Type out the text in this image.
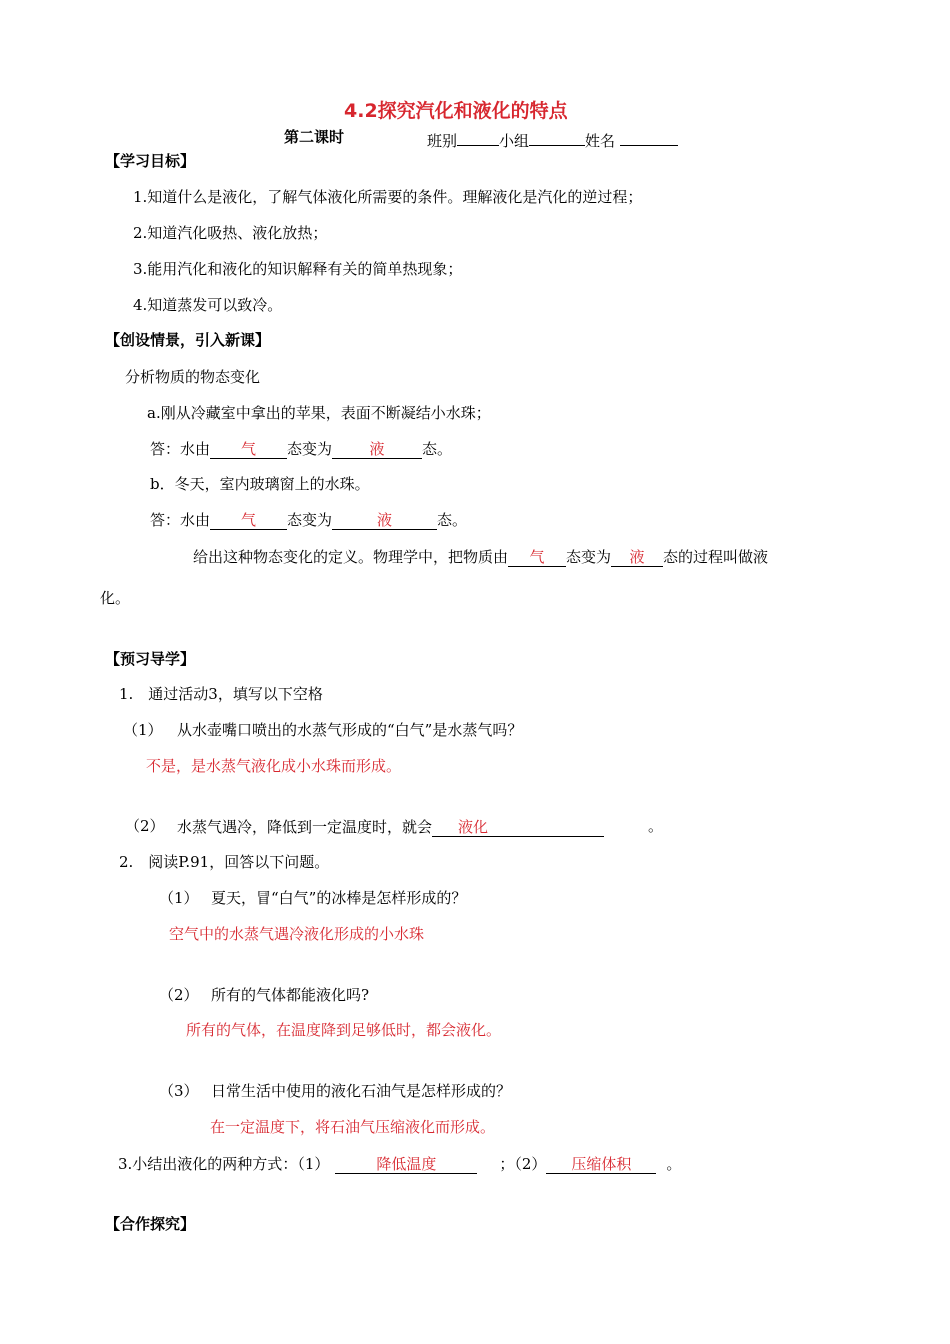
4.2探究汽化和液化的特点
第二课时	班别	小组	姓名
【学习目标】
1.知道什么是液化，了解气体液化所需要的条件。理解液化是汽化的逆过程；
2.知道汽化吸热、液化放热；
3.能用汽化和液化的知识解释有关的简单热现象；
4.知道蒸发可以致冷。
【创设情景，引入新课】
分析物质的物态变化
a.刚从冷藏室中拿出的苹果，表面不断凝结小水珠；
答：水由 气 态变为 液	态。
b．冬天，室内玻璃窗上的水珠。
答：水由 气 态变为	液	态。
给出这种物态变化的定义。物理学中，把物质由 气 态变为 液 态的过程叫做液
化。
【预习导学】
1.　通过活动3，填写以下空格
（1） 从水壶嘴口喷出的水蒸气形成的“白气”是水蒸气吗？
不是，是水蒸气液化成小水珠而形成。
（2） 水蒸气遇冷，降低到一定温度时，就会 液化	。
2.　阅读P.91，回答以下问题。
（1） 夏天，冒“白气”的冰棒是怎样形成的？
空气中的水蒸气遇冷液化形成的小水珠
（2） 所有的气体都能液化吗?
所有的气体，在温度降到足够低时，都会液化。
（3） 日常生活中使用的液化石油气是怎样形成的？
在一定温度下，将石油气压缩液化而形成。
3.小结出液化的两种方式：（1）	降低温度	；（2） 压缩体积 。
【合作探究】
